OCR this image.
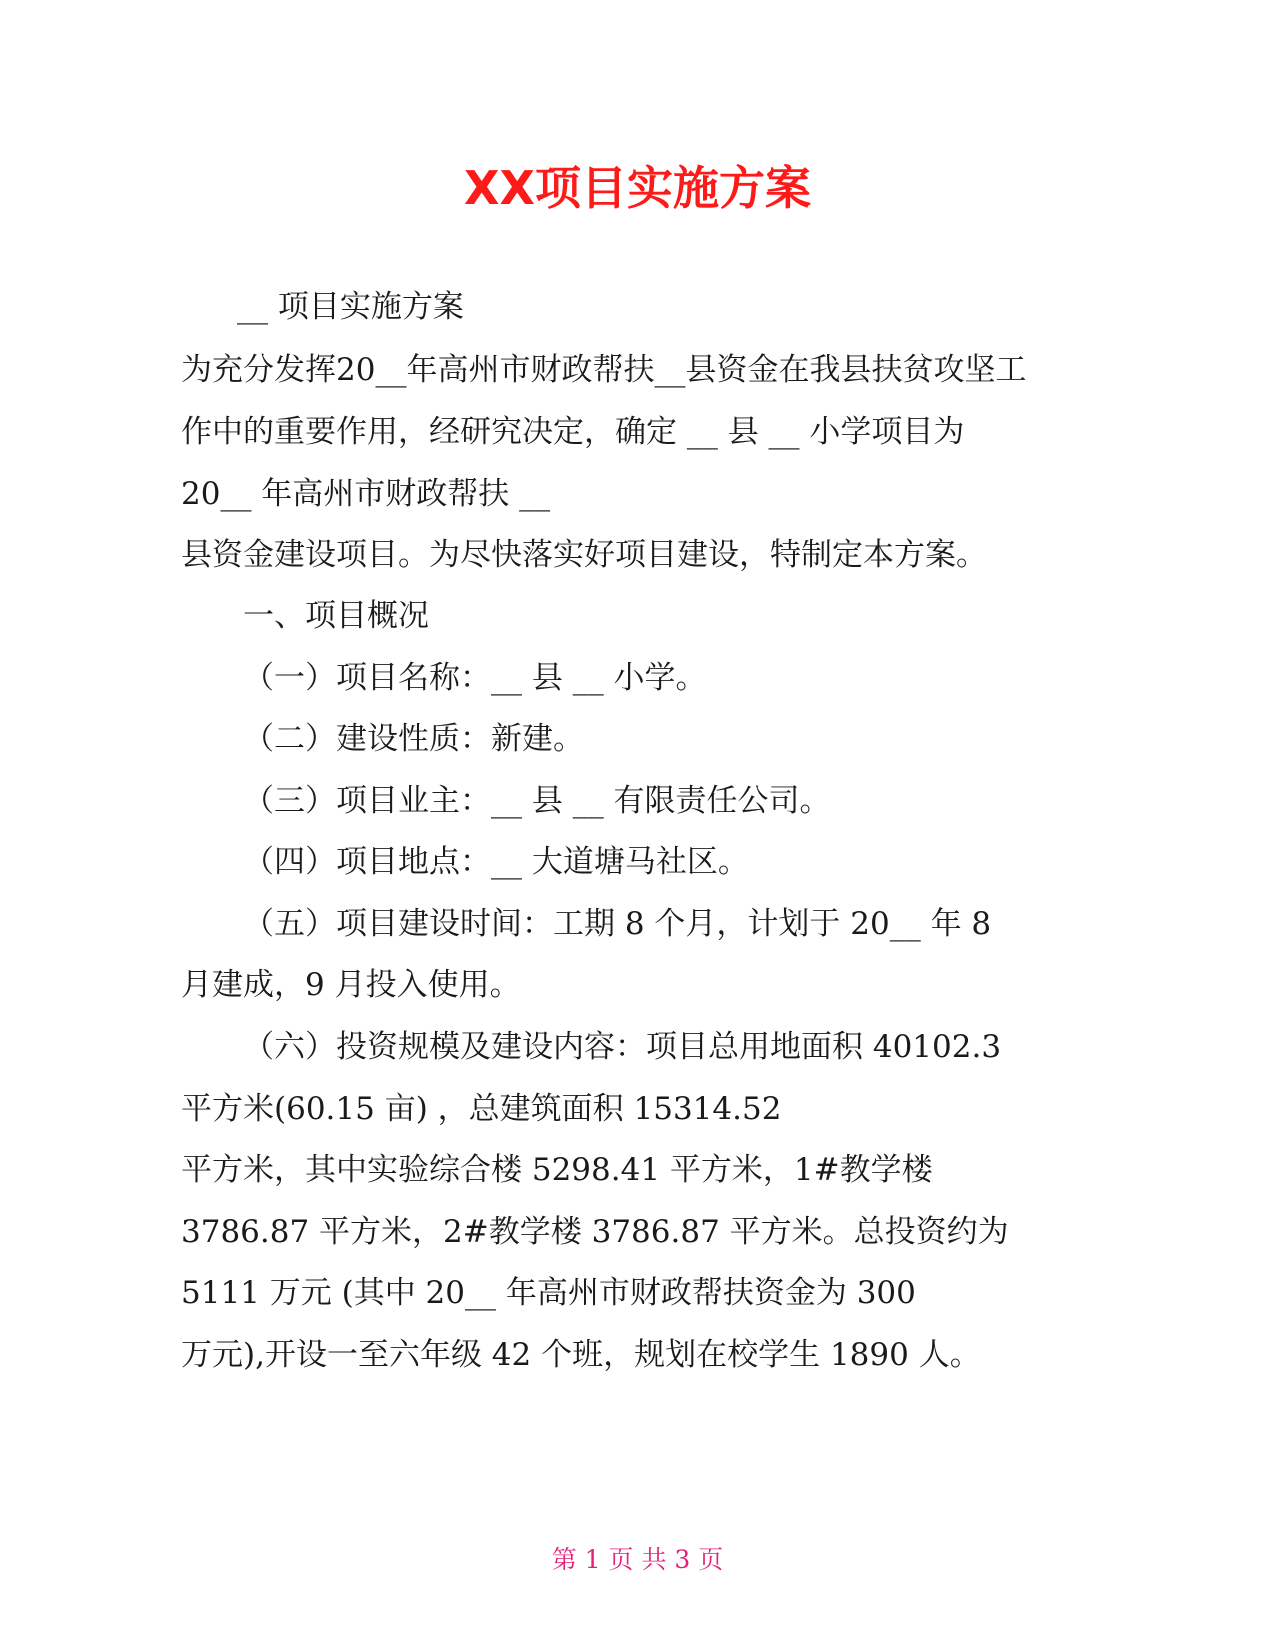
XX项目实施方案
__ 项目实施方案
为充分发挥20__年高州市财政帮扶__县资金在我县扶贫攻坚工
作中的重要作用，经研究决定，确定 __ 县 __ 小学项目为
20__ 年高州市财政帮扶 __
县资金建设项目。为尽快落实好项目建设，特制定本方案。
一、项目概况
（一）项目名称：__ 县 __ 小学。
（二）建设性质：新建。
（三）项目业主：__ 县 __ 有限责任公司。
（四）项目地点：__ 大道塘马社区。
（五）项目建设时间：工期 8 个月，计划于 20__ 年 8
月建成，9 月投入使用。
（六）投资规模及建设内容：项目总用地面积 40102.3
平方米(60.15 亩) ，总建筑面积 15314.52
平方米，其中实验综合楼 5298.41 平方米，1#教学楼
3786.87 平方米，2#教学楼 3786.87 平方米。总投资约为
5111 万元 (其中 20__ 年高州市财政帮扶资金为 300
万元),开设一至六年级 42 个班，规划在校学生 1890 人。
第 1 页 共 3 页
